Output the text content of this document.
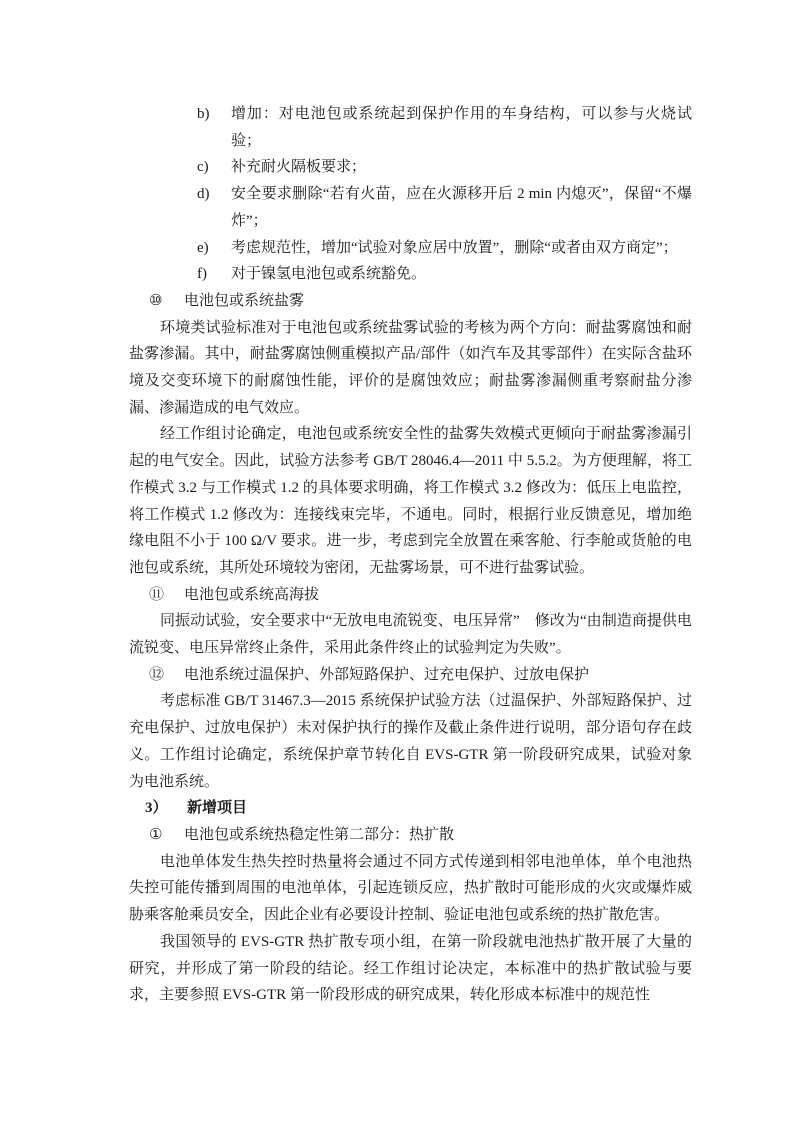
b) 增加：对电池包或系统起到保护作用的车身结构，可以参与火烧试验；
c) 补充耐火隔板要求；
d) 安全要求删除“若有火苗，应在火源移开后 2 min 内熄灭”，保留“不爆炸”；
e) 考虑规范性，增加“试验对象应居中放置”，删除“或者由双方商定”；
f) 对于镍氢电池包或系统豁免。
⑩ 电池包或系统盐雾
环境类试验标准对于电池包或系统盐雾试验的考核为两个方向：耐盐雾腐蚀和耐盐雾渗漏。其中，耐盐雾腐蚀侧重模拟产品/部件（如汽车及其零部件）在实际含盐环境及交变环境下的耐腐蚀性能，评价的是腐蚀效应；耐盐雾渗漏侧重考察耐盐分渗漏、渗漏造成的电气效应。
经工作组讨论确定，电池包或系统安全性的盐雾失效模式更倾向于耐盐雾渗漏引起的电气安全。因此，试验方法参考 GB/T 28046.4—2011 中 5.5.2。为方便理解，将工作模式 3.2 与工作模式 1.2 的具体要求明确，将工作模式 3.2 修改为：低压上电监控，将工作模式 1.2 修改为：连接线束完毕，不通电。同时，根据行业反馈意见，增加绝缘电阻不小于 100 Ω/V 要求。进一步，考虑到完全放置在乘客舱、行李舱或货舱的电池包或系统，其所处环境较为密闭，无盐雾场景，可不进行盐雾试验。
⑪ 电池包或系统高海拔
同振动试验，安全要求中“无放电电流锐变、电压异常”　修改为“由制造商提供电流锐变、电压异常终止条件，采用此条件终止的试验判定为失败”。
⑫ 电池系统过温保护、外部短路保护、过充电保护、过放电保护
考虑标准 GB/T 31467.3—2015 系统保护试验方法（过温保护、外部短路保护、过充电保护、过放电保护）未对保护执行的操作及截止条件进行说明，部分语句存在歧义。工作组讨论确定，系统保护章节转化自 EVS-GTR 第一阶段研究成果，试验对象为电池系统。
3） 新增项目
① 电池包或系统热稳定性第二部分：热扩散
电池单体发生热失控时热量将会通过不同方式传递到相邻电池单体，单个电池热失控可能传播到周围的电池单体，引起连锁反应，热扩散时可能形成的火灾或爆炸威胁乘客舱乘员安全，因此企业有必要设计控制、验证电池包或系统的热扩散危害。
我国领导的 EVS-GTR 热扩散专项小组，在第一阶段就电池热扩散开展了大量的研究，并形成了第一阶段的结论。经工作组讨论决定，本标准中的热扩散试验与要求，主要参照 EVS-GTR 第一阶段形成的研究成果，转化形成本标准中的规范性
